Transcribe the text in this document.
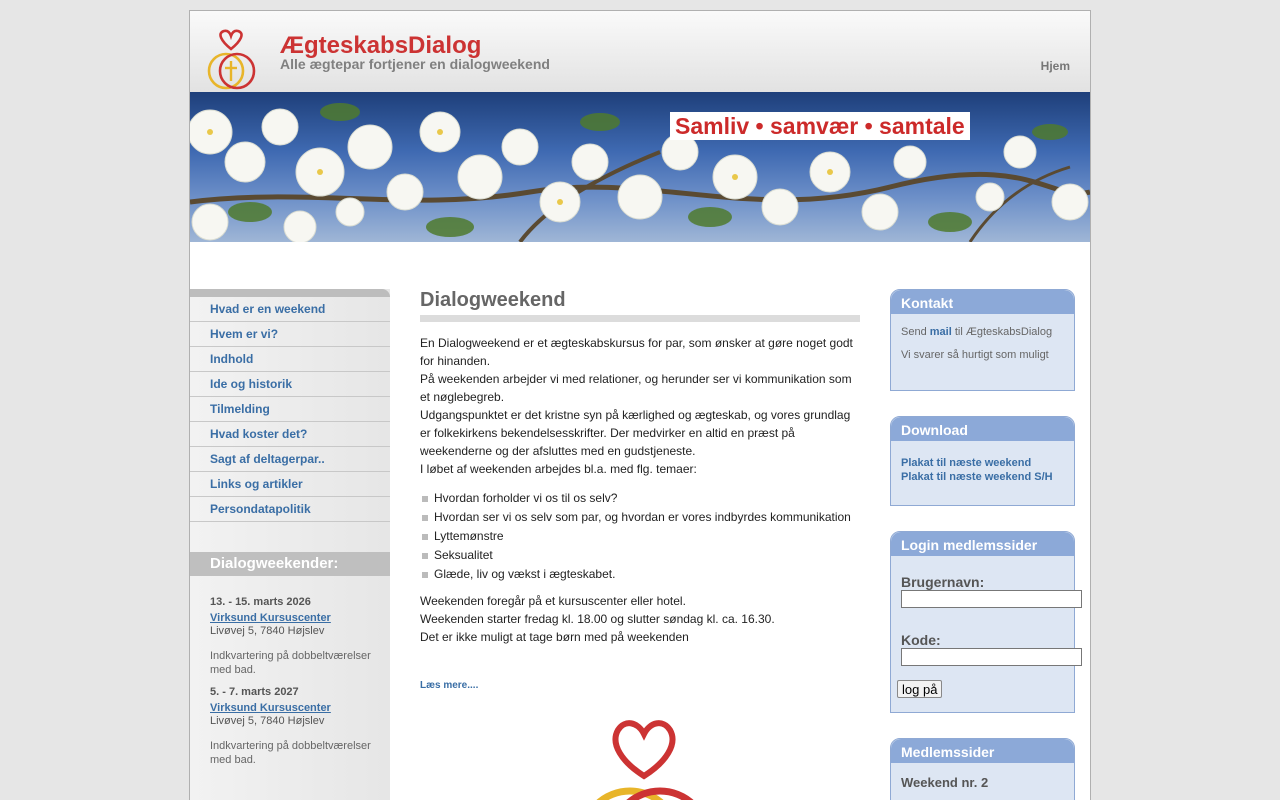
ÆgteskabsDialog
Alle ægtepar fortjener en dialogweekend	Hjem
Samliv • samvær • samtale
Hvad er en weekend
Hvem er vi?
Indhold
Ide og historik
Tilmelding
Hvad koster det?
Sagt af deltagerpar..
Links og artikler
Persondatapolitik
Dialogweekender:
13. - 15. marts 2026
Virksund Kursuscenter
Livøvej 5, 7840 Højslev
Indkvartering på dobbeltværelser med bad.
5. - 7. marts 2027
Virksund Kursuscenter
Livøvej 5, 7840 Højslev
Indkvartering på dobbeltværelser med bad.
Dialogweekend

En Dialogweekend er et ægteskabskursus for par, som ønsker at gøre noget godt for hinanden.

På weekenden arbejder vi med relationer, og herunder ser vi kommunikation som et nøglebegreb.

Udgangspunktet er det kristne syn på kærlighed og ægteskab, og vores grundlag er folkekirkens bekendelsesskrifter. Der medvirker en altid en præst på weekenderne og der afsluttes med en gudstjeneste.

I løbet af weekenden arbejdes bl.a. med flg. temaer:

Hvordan forholder vi os til os selv?
Hvordan ser vi os selv som par, og hvordan er vores indbyrdes kommunikation
Lyttemønstre
Seksualitet
Glæde, liv og vækst i ægteskabet.

Weekenden foregår på et kursuscenter eller hotel.

Weekenden starter fredag kl. 18.00 og slutter søndag kl. ca. 16.30.

Det er ikke muligt at tage børn med på weekenden

Læs mere....
Kontakt
Send mail til ÆgteskabsDialog
Vi svarer så hurtigt som muligt
Download
Plakat til næste weekend
Plakat til næste weekend S/H
Login medlemssider
Brugernavn:
Kode:
log på
Medlemssider
Weekend nr. 2
